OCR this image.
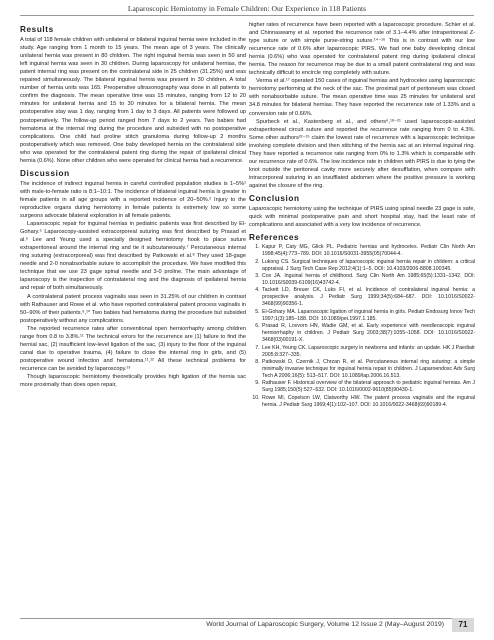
Laparoscopic Hemiotomy in Female Children: Our Experience in 118 Patients
Results

A total of 118 female children with unilateral or bilateral inguinal hernia were included in the study. Age ranging from 1 month to 15 years. The mean age of 3 years. The clinically unilateral hernia was present in 80 children. The right inguinal hernia was seen in 50 and left inguinal hernia was seen in 30 children. During laparoscopy for unilateral hernias, the patent internal ring was present on the contralateral side in 25 children (31.25%) and was repaired simultaneously. The bilateral inguinal hernia was present in 30 children. A total number of hernia units was 165. Preoperative ultrasonography was done in all patients to confirm the diagnosis. The mean operative time was 15 minutes, ranging from 12 to 20 minutes for unilateral hernia and 15 to 30 minutes for a bilateral hernia. The mean postoperative stay was 1 day, ranging from 1 day to 3 days. All patients were followed up postoperatively. The follow-up period ranged from 7 days to 2 years. Two babies had hematoma at the internal ring during the procedure and subsided with no postoperative complications. One child had proline stitch granuloma during follow-up 2 months postoperatively which was removed. One baby developed hernia on the contralateral side who was operated for the contralateral patent ring during the repair of ipsilateral clinical hernia (0.6%). None other children who were operated for clinical hernia had a recurrence.

Discussion

The incidence of indirect inguinal hernia in careful controlled population studies is 1–5%¹ with male-to-female ratio is 8:1–10:1. The incidence of bilateral inguinal hernia is greater in female patients in all age groups with a reported incidence of 20–50%.² Injury to the reproductive organs during herniotomy in female patients is extremely low so some surgeons advocate bilateral exploration in all female patients.

Laparoscopic repair for inguinal hernias in pediatric patients was first described by El-Gohary.⁵ Laparoscopy-assisted extracorporeal suturing was first described by Prasad et al.⁶ Lee and Yeung used a specially designed herniotomy hook to place suture extraperitoneal around the internal ring and tie it subcutaneously.⁷ Percutaneous internal ring suturing (extracorporeal) was first described by Patkowski et al.⁸ They used 18-gage needle and 2-0 nonabsorbable suture to accomplish the procedure. We have modified this technique that we use 23 gage spinal needle and 3-0 proline. The main advantage of laparoscopy is the inspection of contralateral ring and the diagnosis of ipsilateral hernia and repair of both simultaneously.

A contralateral patent process vaginalis was seen in 31.25% of our children in contrast with Rathauser and Rowe et al. who have reported contralateral patent process vaginalis in 50–90% of their patients.⁹,¹⁰ Two babies had hematoma during the procedure but subsided postoperatively without any complications.

The reported recurrence rates after conventional open herniorrhaphy among children range from 0.8 to 3.8%.¹¹ The technical errors for the recurrence are (1) failure to find the hernial sac, (2) insufficient low-level ligation of the sac, (3) injury to the floor of the inguinal canal due to operative trauma, (4) failure to close the internal ring in girls, and (5) postoperative wound infection and hematoma.¹¹,¹² All these technical problems for recurrence can be avoided by laparoscopy.¹³

Though laparoscopic herniotomy theoretically provides high ligation of the hernia sac more proximally than does open repair,

higher rates of recurrence have been reported with a laparoscopic procedure. Schier et al. and Chinnaswamy et al. reported the recurrence rate of 3.1–4.4% after intraperitoneal Z-type suture or with simple purse-string suture.¹⁴⁻¹⁶ This is in contrast with our low recurrence rate of 0.6% after laparoscopic PIRS. We had one baby developing clinical hernia (0.6%) who was operated for contralateral patent ring during ipsilateral clinical hernia. The reason for recurrence may be due to a small patent contralateral ring and was technically difficult to encircle ring completely with suture.

Verma et al.¹⁷ operated 150 cases of inguinal hernias and hydroceles using laparoscopic herniotomy performing at the neck of the sac. The proximal part of peritoneum was closed with nonabsorbable suture. The mean operative time was 25 minutes for unilateral and 34.8 minutes for bilateral hernias. They have reported the recurrence rate of 1.33% and a conversion rate of 0.66%.

Spurbeck et al., Kastenberg et al., and others⁶,¹⁸⁻²¹ used laparoscopic-assisted extraperitoneal circuit suture and reported the recurrence rate ranging from 0 to 4.3%. Some other authors²²⁻²⁵ claim the lowest rate of recurrence with a laparoscopic technique involving complete division and then stitching of the hernia sac at an internal inguinal ring. They have reported a recurrence rate ranging from 0% to 1.3% which is comparable with our recurrence rate of 0.6%. The low incidence rate in children with PIRS is due to tying the knot outside the peritoneal cavity more securely after desufflation, when compare with intracorporeal suturing in an insufflated abdomen where the positive pressure is working against the closure of the ring.

Conclusion

Laparoscopic herniotomy using the technique of PIRS using spinal needle 23 gage is safe, quick with minimal postoperative pain and short hospital stay, had the least rate of complications and associated with a very low incidence of recurrence.

References
1. Kapur P, Caty MG, Glick PL. Pediatric hernias and hydroceles. Pediatr Clin North Am 1998;45(4):773–789. DOI: 10.1016/S0031-3955(05)70044-4.
2. Lukong CS. Surgical techniques of laparoscopic inguinal hernia repair in childern: a critical appraisal. J Surg Tech Case Rep 2012;4(1):1–5. DOI: 10.4103/2006-8808.100345.
3. Cox JA. Inguinal hernia of childhood. Surg Clin North Am 1985;65(5):1331–1342. DOI: 10.1016/S0039-6109(16)43742-4.
4. Tackett LD, Breuer CK, Luks FI, et al. Incidence of contralateral inguinal hernia: a prospective analysis. J Pediatr Surg 1999;34(5):684–687. DOI: 10.1016/S0022-3468(99)90356-1.
5. El-Gohary MA. Laparoscopic ligation of inguinal hernia in girls. Pediatr Endosurg Innov Tech 1997;1(3):185–188. DOI: 10.1089/pei.1997.1.185.
6. Prasad R, Lovvorn HN, Wadie GM, et al. Early experience with needleoscopic inguinal herniorrhaphy in children. J Pediatr Surg 2003;38(7):1055–1058. DOI: 10.1016/S0022-3468(03)00191-X.
7. Lee KH, Yeung CK. Laparoscopic surgery in newborns and infants: an update. HK J Paediatr 2005;8:327–335.
8. Patkowski D, Czernik J, Chrzan R, et al. Percutaneous internal ring suturing: a simple minimally invasive technique for inguinal hernia repair in children. J Laparoendosc Adv Surg Tech A 2006;16(5): 513–517. DOI: 10.1089/lap.2006.16.513.
9. Rathauser F. Historical overview of the bilateral approach to pediatric inguinal hernias. Am J Surg 1985;150(5):527–532. DOI: 10.1016/0002-9610(85)90430-1.
10. Rowe MI, Copelson LW, Clatworthy HW. The patent process vaginalis and the inguinal hernia. J Pediatr Surg 1969;4(1):102–107. DOI: 10.1016/0022-3468(69)90189-4.
World Journal of Laparoscopic Surgery, Volume 12 Issue 2 (May–August 2019)	71
